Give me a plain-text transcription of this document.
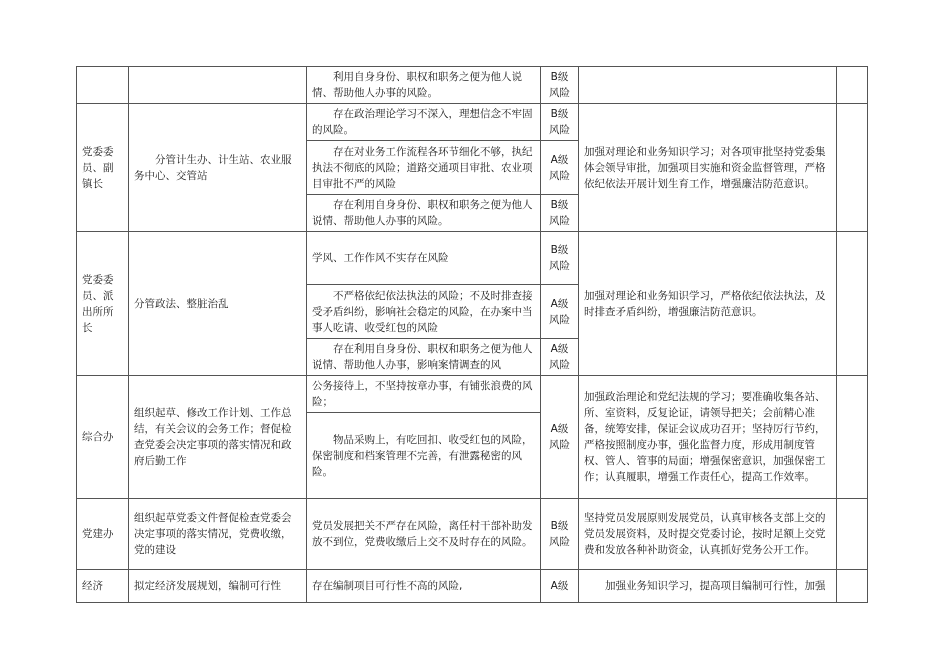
		利用自身身份、职权和职务之便为他人说情、帮助他人办事的风险。	B级风险		
党委委员、副镇长	分管计生办、计生站、农业服务中心、交管站	存在政治理论学习不深入，理想信念不牢固的风险。	B级风险	加强对理论和业务知识学习；对各项审批坚持党委集体会领导审批，加强项目实施和资金监督管理，严格依纪依法开展计划生育工作，增强廉洁防范意识。	
		存在对业务工作流程各环节细化不够，执纪执法不彻底的风险；道路交通项目审批、农业项目审批不严的风险	A级风险		
		存在利用自身身份、职权和职务之便为他人说情、帮助他人办事的风险。	B级风险		
党委委员、派出所所长	分管政法、整脏治乱	学风、工作作风不实存在风险	B级风险	加强对理论和业务知识学习，严格依纪依法执法，及时排查矛盾纠纷，增强廉洁防范意识。	
		不严格依纪依法执法的风险；不及时排查接受矛盾纠纷，影响社会稳定的风险，在办案中当事人吃请、收受红包的风险	A级风险		
		存在利用自身身份、职权和职务之便为他人说情、帮助他人办事，影响案情调查的风	A级风险		
综合办	组织起草、修改工作计划、工作总结，有关会议的会务工作；督促检查党委会决定事项的落实情况和政府后勤工作	公务接待上，不坚持按章办事，有铺张浪费的风险；	A级风险	加强政治理论和党纪法规的学习；要准确收集各站、所、室资料，反复论证，请领导把关；会前精心准备，统筹安排，保证会议成功召开；坚持厉行节约，严格按照制度办事，强化监督力度，形成用制度管权、管人、管事的局面；增强保密意识，加强保密工作；认真履职，增强工作责任心，提高工作效率。	
		物品采购上，有吃回扣、收受红包的风险，保密制度和档案管理不完善，有泄露秘密的风险。			
党建办	组织起草党委文件督促检查党委会决定事项的落实情况，党费收缴，党的建设	党员发展把关不严存在风险，离任村干部补助发放不到位，党费收缴后上交不及时存在的风险。	B级风险	坚持党员发展原则发展党员，认真审核各支部上交的党员发展资料，及时提交党委讨论，按时足额上交党费和发放各种补助资金，认真抓好党务公开工作。	
经济	拟定经济发展规划，编制可行性	存在编制项目可行性不高的风险,	A级	加强业务知识学习，提高项目编制可行性，加强	
